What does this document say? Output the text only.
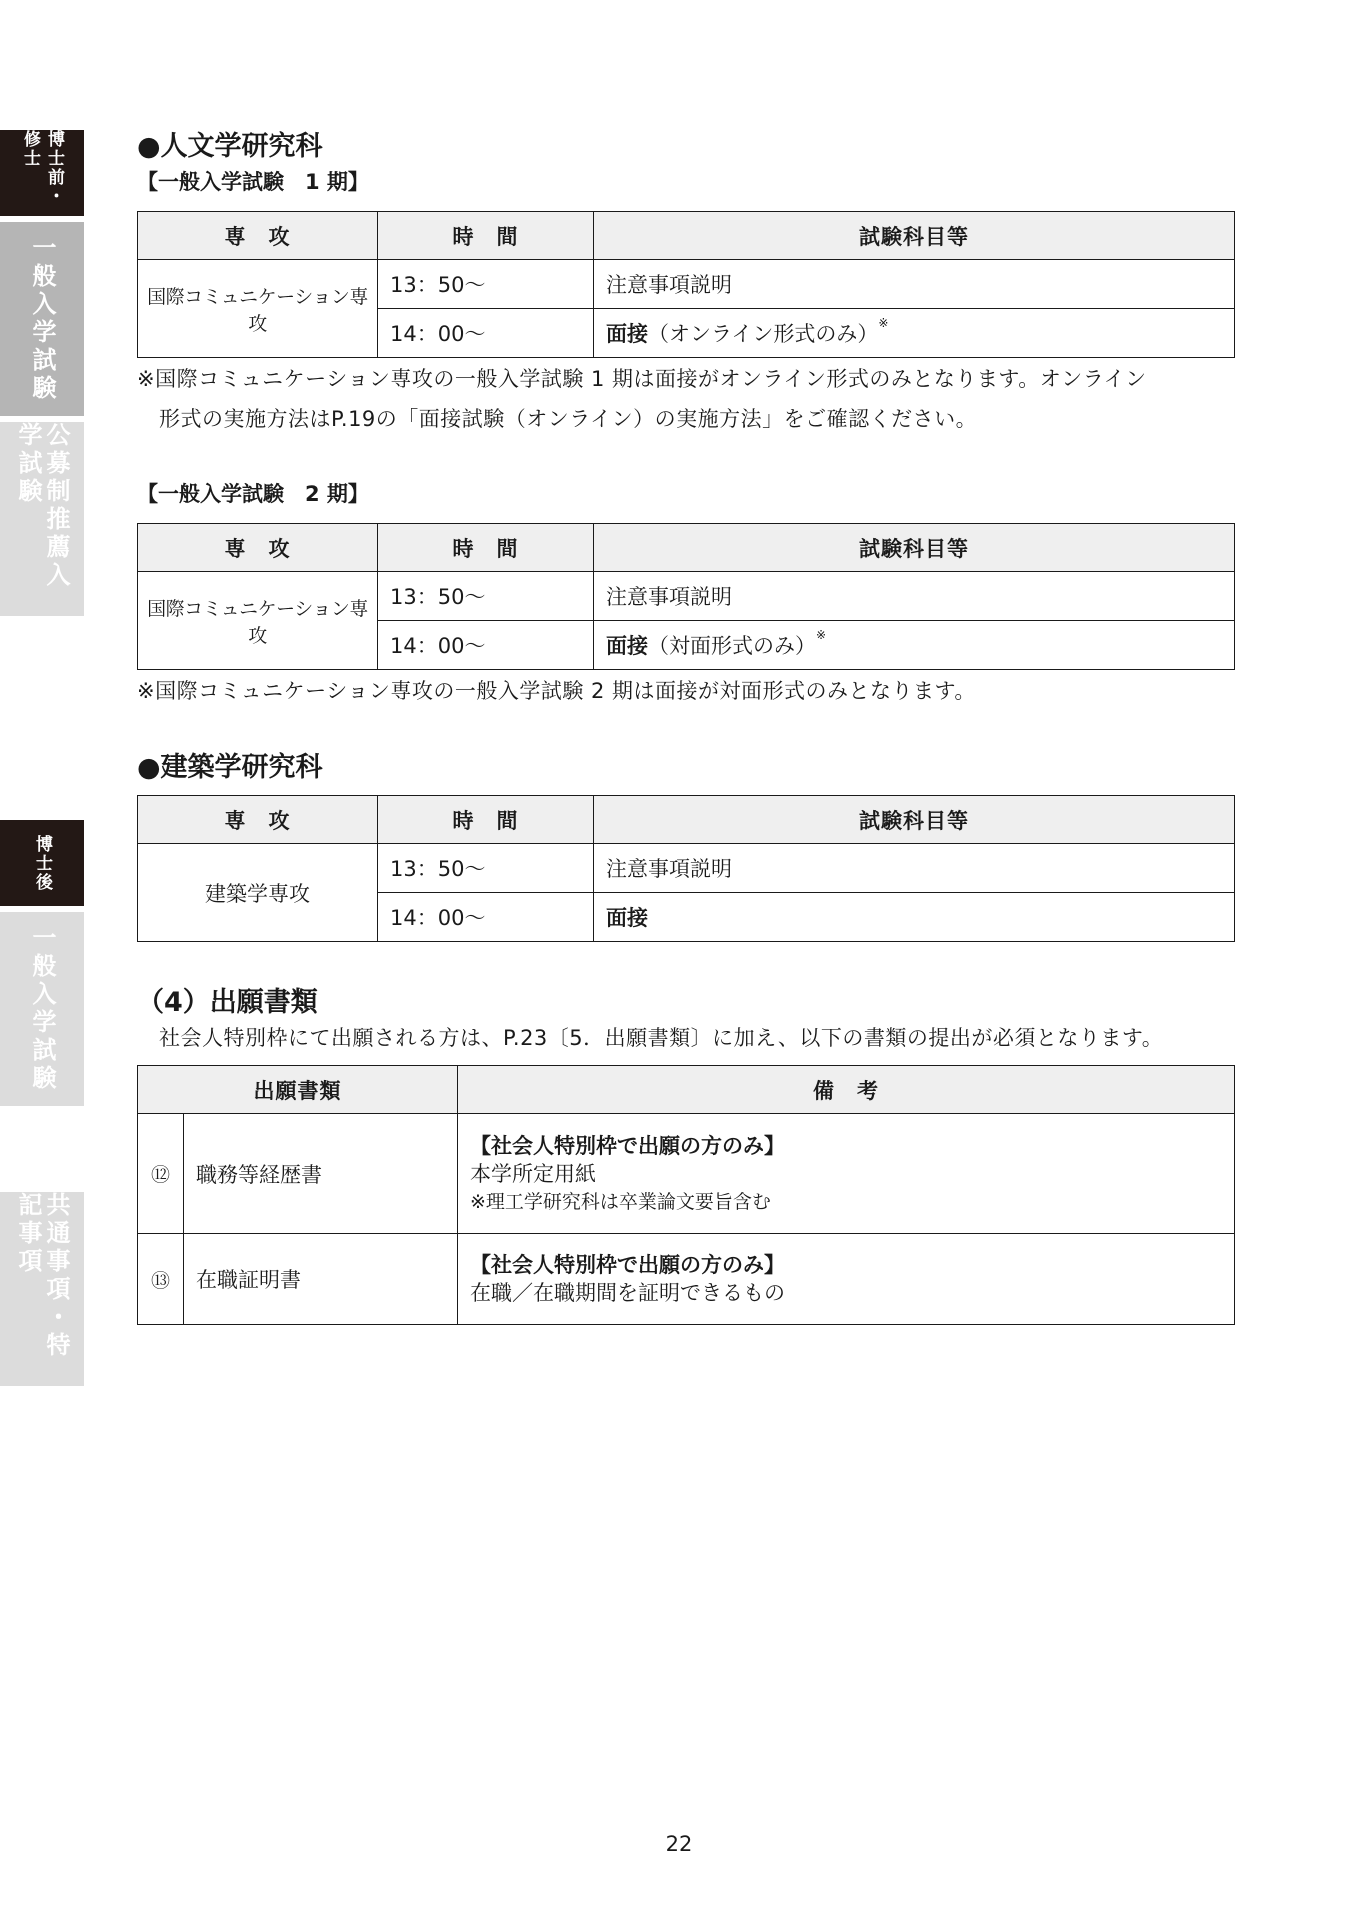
博士前・修士
一般入学試験
公募制推薦入学試験
博士後
一般入学試験
共通事項・特記事項
●人文学研究科
【一般入学試験　1 期】
専　攻	時　間	試験科目等
国際コミュニケーション専攻	13：50〜	注意事項説明
	14：00〜	面接（オンライン形式のみ）※
※国際コミュニケーション専攻の一般入学試験 1 期は面接がオンライン形式のみとなります。オンライン
形式の実施方法はP.19の「面接試験（オンライン）の実施方法」をご確認ください。
【一般入学試験　2 期】
専　攻	時　間	試験科目等
国際コミュニケーション専攻	13：50〜	注意事項説明
	14：00〜	面接（対面形式のみ）※
※国際コミュニケーション専攻の一般入学試験 2 期は面接が対面形式のみとなります。
●建築学研究科
専　攻	時　間	試験科目等
建築学専攻	13：50〜	注意事項説明
	14：00〜	面接
（4）出願書類
社会人特別枠にて出願される方は、P.23〔5．出願書類〕に加え、以下の書類の提出が必須となります。
出願書類		備　考
⑫	職務等経歴書	【社会人特別枠で出願の方のみ】
本学所定用紙
※理工学研究科は卒業論文要旨含む

⑬	在職証明書	【社会人特別枠で出願の方のみ】
在職／在職期間を証明できるもの
22
